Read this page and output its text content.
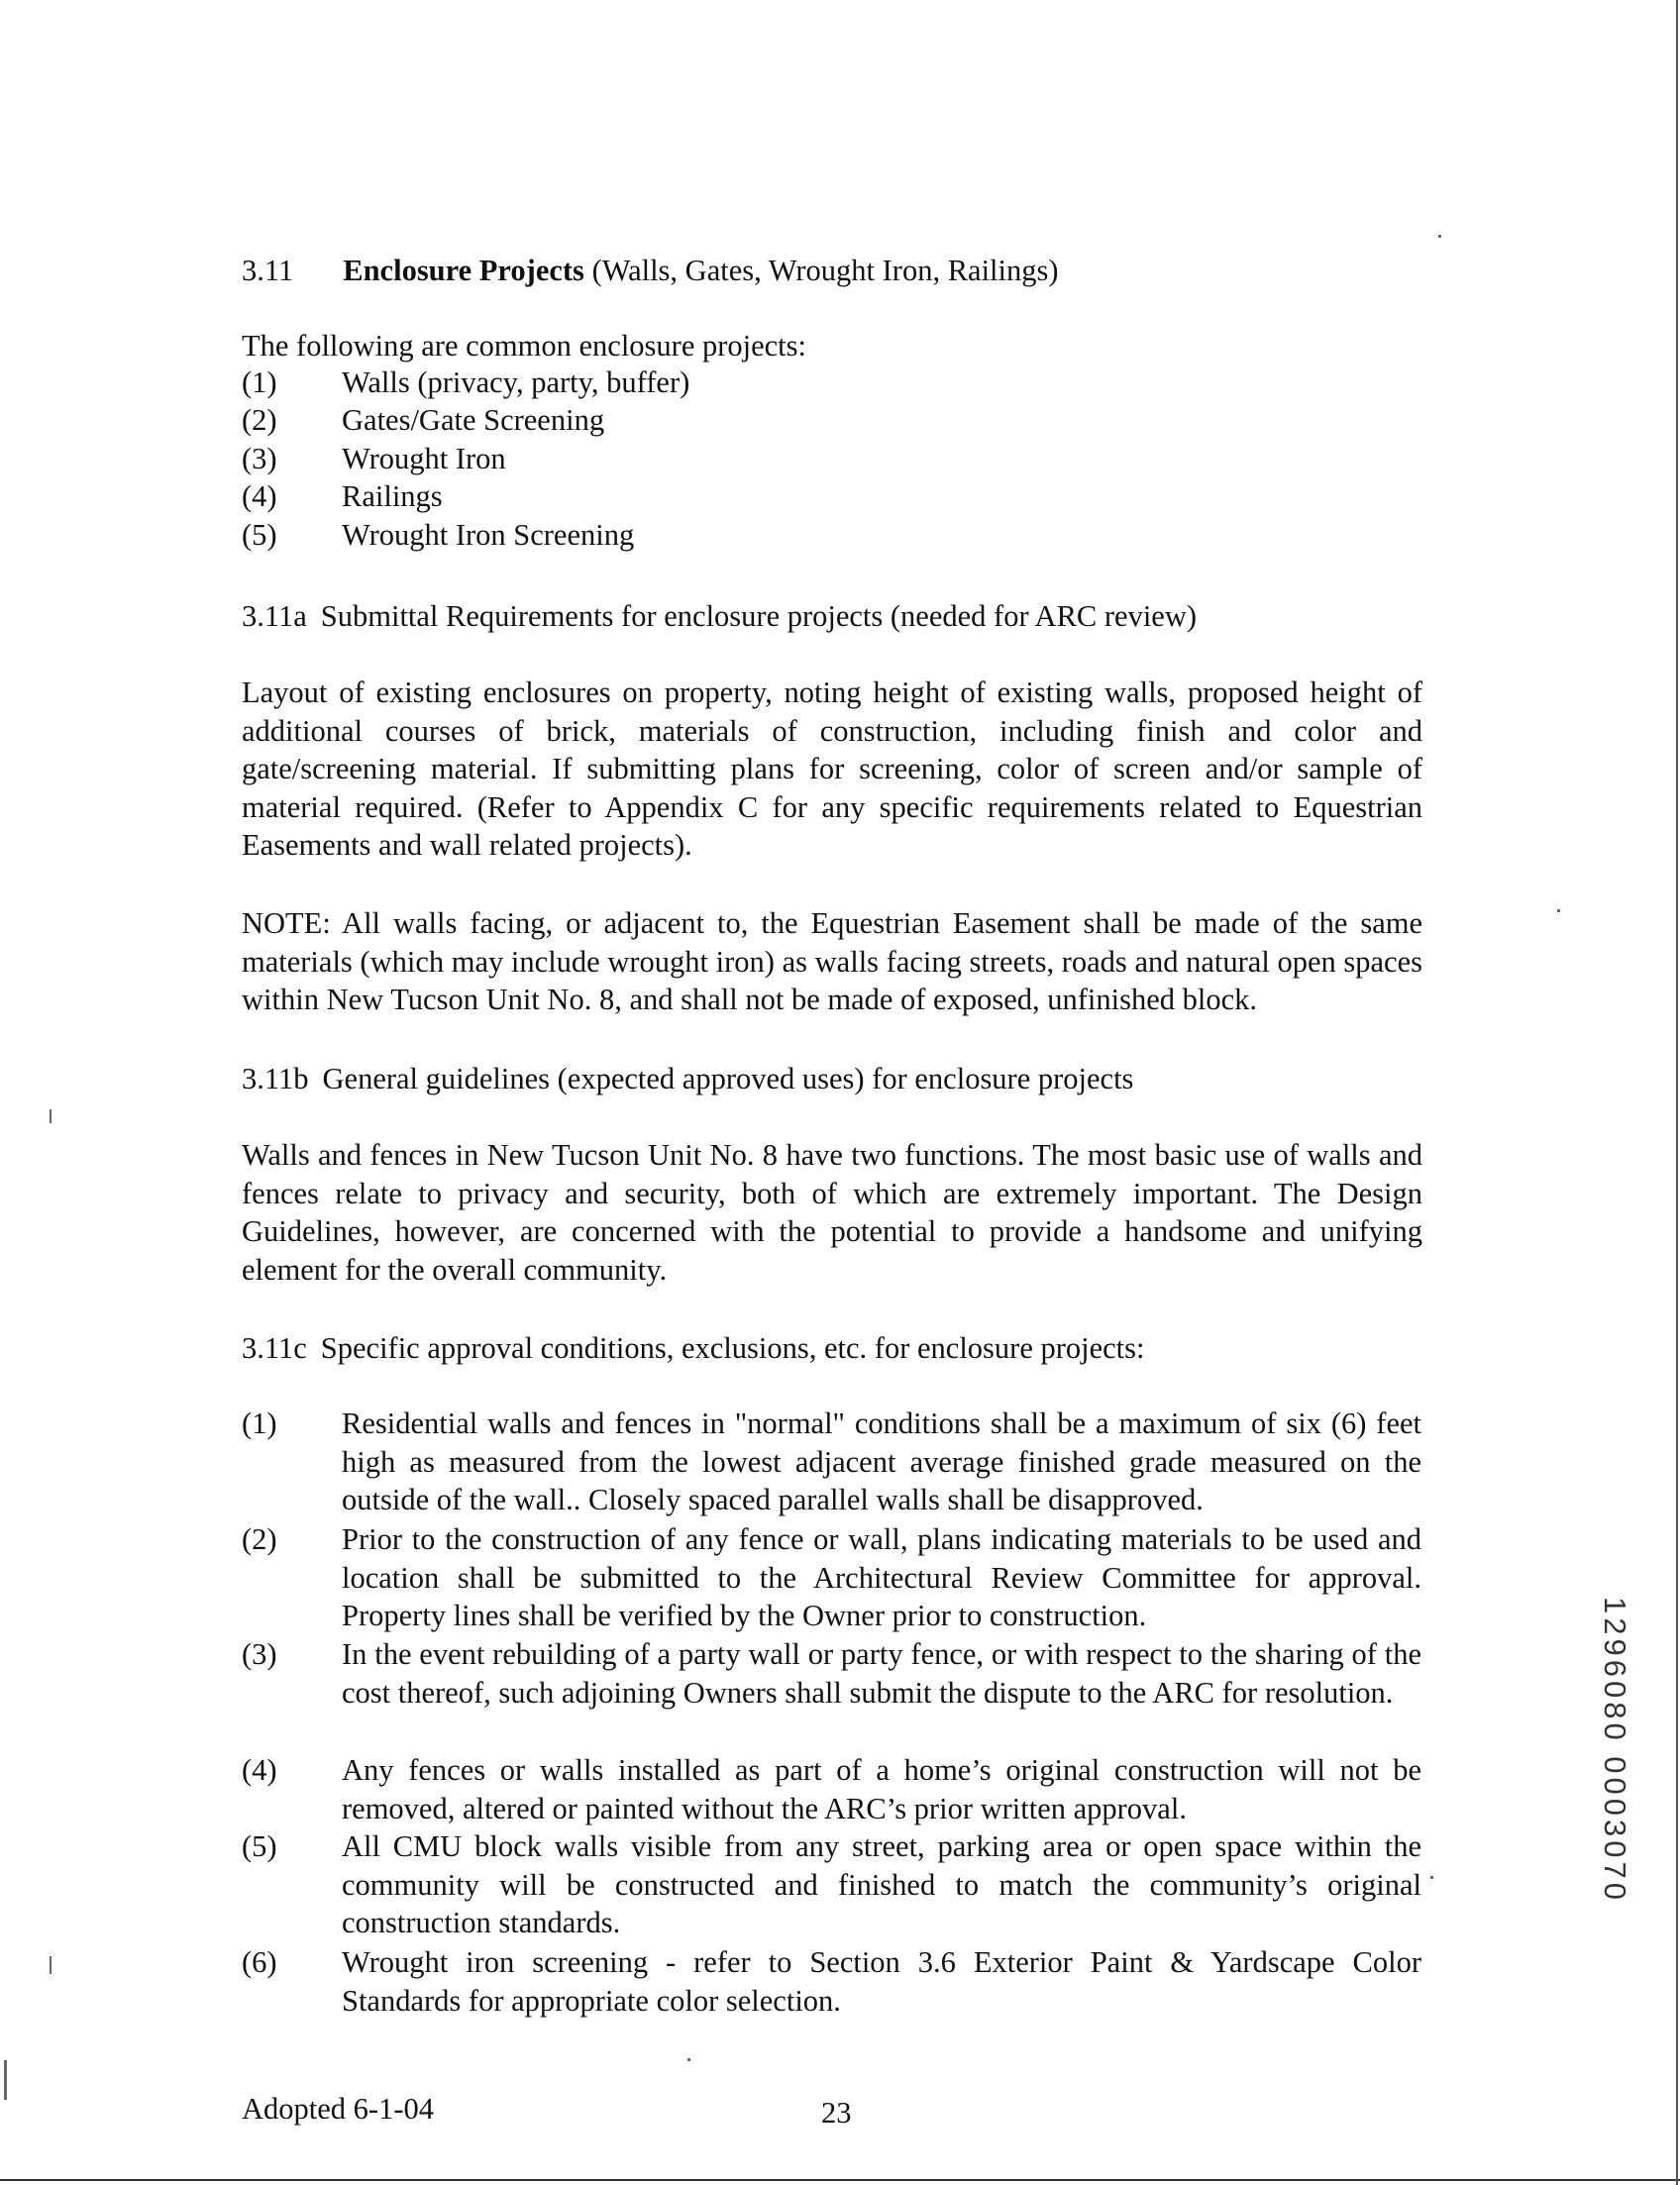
3.11 Enclosure Projects (Walls, Gates, Wrought Iron, Railings)
The following are common enclosure projects:
(1) Walls (privacy, party, buffer)
(2) Gates/Gate Screening
(3) Wrought Iron
(4) Railings
(5) Wrought Iron Screening
3.11a Submittal Requirements for enclosure projects (needed for ARC review)
Layout of existing enclosures on property, noting height of existing walls, proposed height of additional courses of brick, materials of construction, including finish and color and gate/screening material. If submitting plans for screening, color of screen and/or sample of material required. (Refer to Appendix C for any specific requirements related to Equestrian Easements and wall related projects).
NOTE: All walls facing, or adjacent to, the Equestrian Easement shall be made of the same materials (which may include wrought iron) as walls facing streets, roads and natural open spaces within New Tucson Unit No. 8, and shall not be made of exposed, unfinished block.
3.11b General guidelines (expected approved uses) for enclosure projects
Walls and fences in New Tucson Unit No. 8 have two functions. The most basic use of walls and fences relate to privacy and security, both of which are extremely important. The Design Guidelines, however, are concerned with the potential to provide a handsome and unifying element for the overall community.
3.11c Specific approval conditions, exclusions, etc. for enclosure projects:
(1) Residential walls and fences in "normal" conditions shall be a maximum of six (6) feet high as measured from the lowest adjacent average finished grade measured on the outside of the wall.. Closely spaced parallel walls shall be disapproved.
(2) Prior to the construction of any fence or wall, plans indicating materials to be used and location shall be submitted to the Architectural Review Committee for approval. Property lines shall be verified by the Owner prior to construction.
(3) In the event rebuilding of a party wall or party fence, or with respect to the sharing of the cost thereof, such adjoining Owners shall submit the dispute to the ARC for resolution.
(4) Any fences or walls installed as part of a home’s original construction will not be removed, altered or painted without the ARC’s prior written approval.
(5) All CMU block walls visible from any street, parking area or open space within the community will be constructed and finished to match the community’s original construction standards.
(6) Wrought iron screening - refer to Section 3.6 Exterior Paint & Yardscape Color Standards for appropriate color selection.
Adopted 6-1-04	23
1296080 0003070
